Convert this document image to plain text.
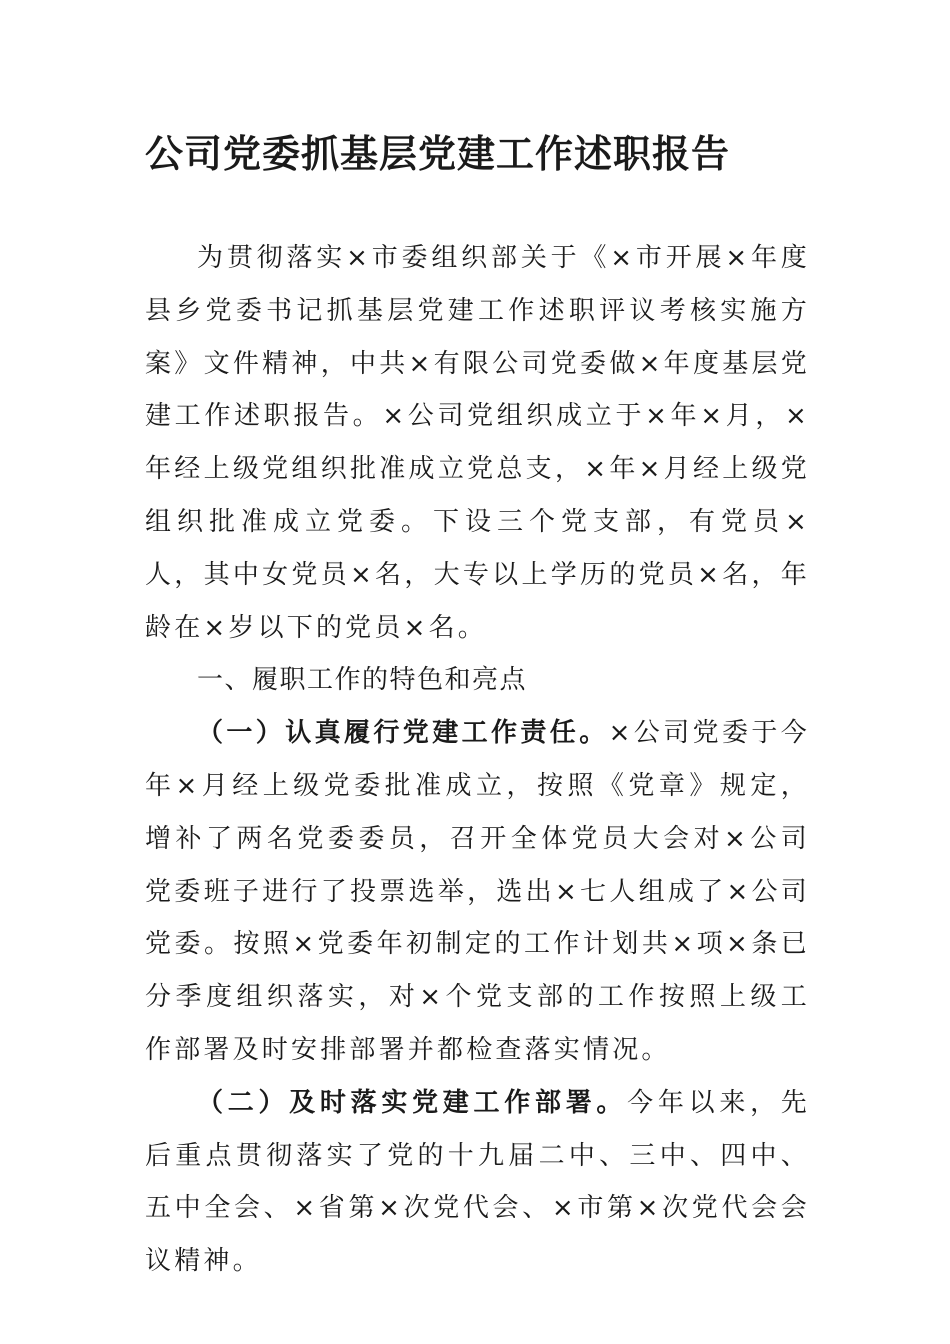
公司党委抓基层党建工作述职报告

为贯彻落实×市委组织部关于《×市开展×年度县乡党委书记抓基层党建工作述职评议考核实施方案》文件精神，中共×有限公司党委做×年度基层党建工作述职报告。×公司党组织成立于×年×月，×年经上级党组织批准成立党总支，×年×月经上级党组织批准成立党委。下设三个党支部，有党员×人，其中女党员×名，大专以上学历的党员×名，年龄在×岁以下的党员×名。

一、履职工作的特色和亮点

（一）认真履行党建工作责任。×公司党委于今年×月经上级党委批准成立，按照《党章》规定，增补了两名党委委员，召开全体党员大会对×公司党委班子进行了投票选举，选出×七人组成了×公司党委。按照×党委年初制定的工作计划共×项×条已分季度组织落实，对×个党支部的工作按照上级工作部署及时安排部署并都检查落实情况。

（二）及时落实党建工作部署。今年以来，先后重点贯彻落实了党的十九届二中、三中、四中、五中全会、×省第×次党代会、×市第×次党代会会议精神。
